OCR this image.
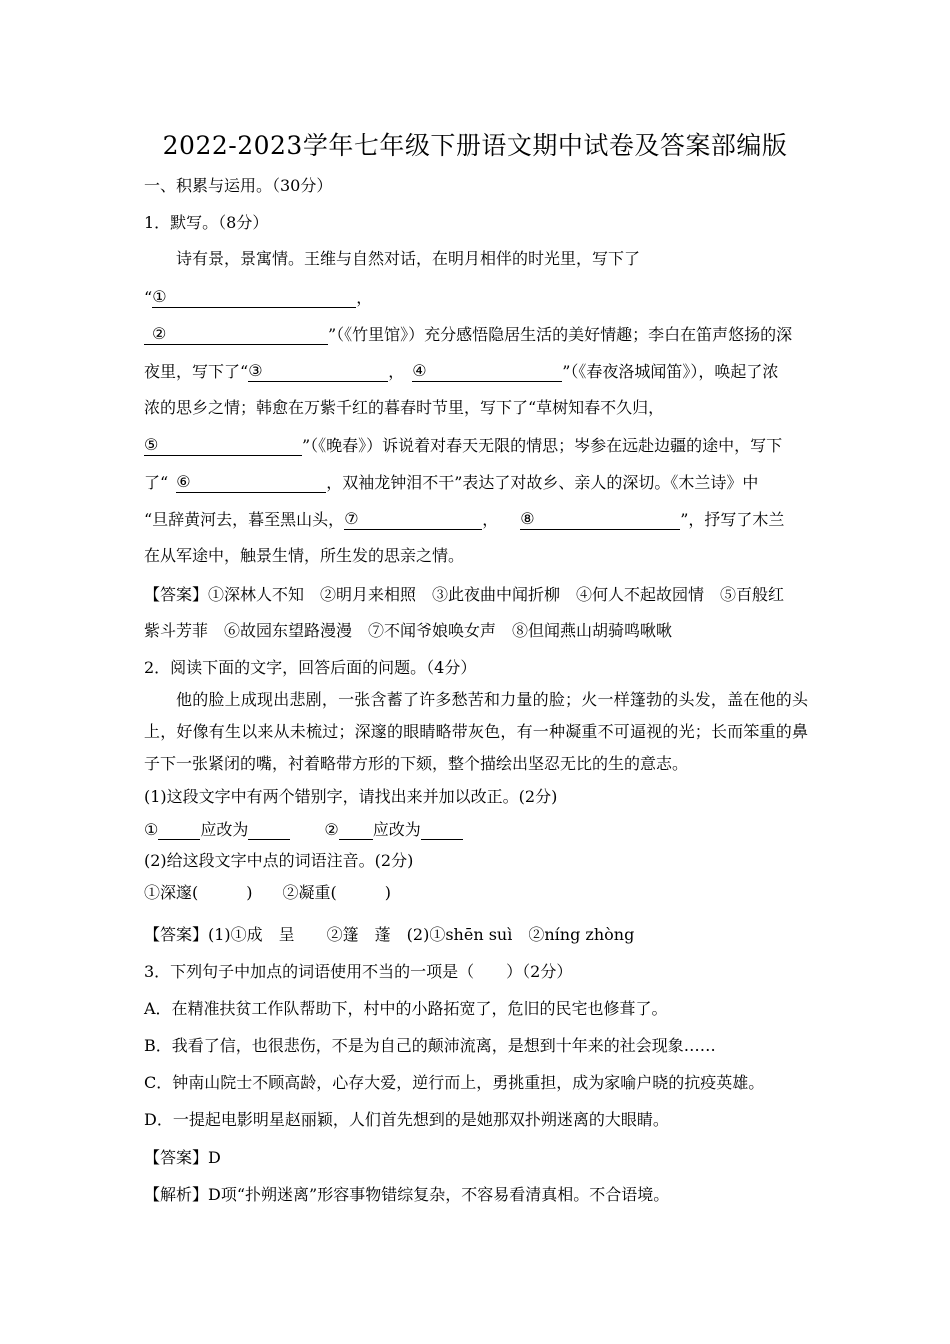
2022-2023学年七年级下册语文期中试卷及答案部编版
一、积累与运用。（30分）
1．默写。（8分）
诗有景，景寓情。王维与自然对话，在明月相伴的时光里，写下了
“①	，
②	”（《竹里馆》）充分感悟隐居生活的美好情趣；李白在笛声悠扬的深
夜里，写下了“③	， ④	”（《春夜洛城闻笛》），唤起了浓
浓的思乡之情；韩愈在万紫千红的暮春时节里，写下了“草树知春不久归，
⑤	”（《晚春》）诉说着对春天无限的情思；岑参在远赴边疆的途中，写下
了“ ⑥	，双袖龙钟泪不干”表达了对故乡、亲人的深切。《木兰诗》中
“旦辞黄河去，暮至黑山头，⑦	， ⑧	”，抒写了木兰
在从军途中，触景生情，所生发的思亲之情。
【答案】①深林人不知　②明月来相照　③此夜曲中闻折柳　④何人不起故园情　⑤百般红
紫斗芳菲　⑥故园东望路漫漫　⑦不闻爷娘唤女声　⑧但闻燕山胡骑鸣啾啾
2．阅读下面的文字，回答后面的问题。（4分）
他的脸上成现出悲剧，一张含蓄了许多愁苦和力量的脸；火一样篷勃的头发，盖在他的头上，好像有生以来从未梳过；深邃的眼睛略带灰色，有一种凝重不可逼视的光；长而笨重的鼻子下一张紧闭的嘴，衬着略带方形的下颏，整个描绘出坚忍无比的生的意志。
(1)这段文字中有两个错别字，请找出来并加以改正。(2分)
①	应改为	② 应改为
(2)给这段文字中点的词语注音。(2分)
①深邃(　　　) ②凝重(　　　)
【答案】(1)①成　呈　　②篷　蓬　(2)①shēn suì　②níng zhòng
3．下列句子中加点的词语使用不当的一项是（　　）（2分）
A．在精准扶贫工作队帮助下，村中的小路拓宽了，危旧的民宅也修葺了。
B．我看了信，也很悲伤，不是为自己的颠沛流离，是想到十年来的社会现象……
C．钟南山院士不顾高龄，心存大爱，逆行而上，勇挑重担，成为家喻户晓的抗疫英雄。
D．一提起电影明星赵丽颖，人们首先想到的是她那双扑朔迷离的大眼睛。
【答案】D
【解析】D项“扑朔迷离”形容事物错综复杂，不容易看清真相。不合语境。
